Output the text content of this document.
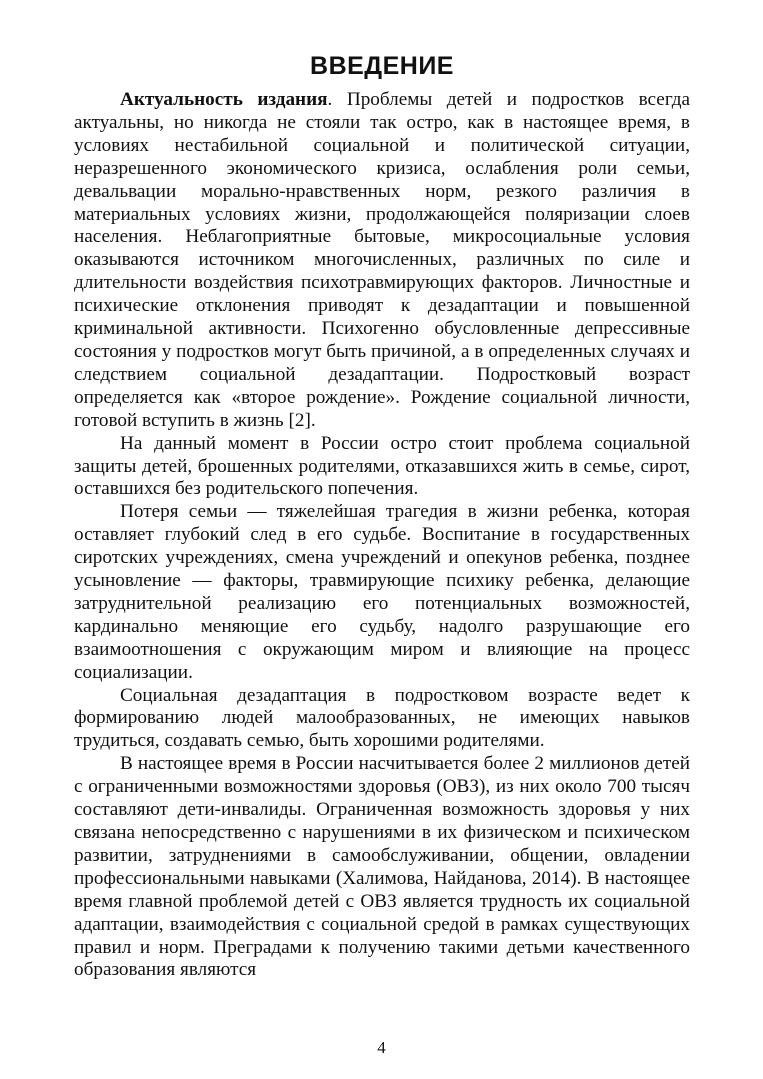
ВВЕДЕНИЕ

Актуальность издания. Проблемы детей и подростков всегда актуальны, но никогда не стояли так остро, как в настоящее время, в условиях нестабильной социальной и политической ситуации, неразрешенного экономического кризиса, ослабления роли семьи, девальвации морально-нравственных норм, резкого различия в материальных условиях жизни, продолжающейся поляризации слоев населения. Неблагоприятные бытовые, микросоциальные условия оказываются источником многочисленных, различных по силе и длительности воздействия психотравмирующих факторов. Личностные и психические отклонения приводят к дезадаптации и повышенной криминальной активности. Психогенно обусловленные депрессивные состояния у подростков могут быть причиной, а в определенных случаях и следствием социальной дезадаптации. Подростковый возраст определяется как «второе рождение». Рождение социальной личности, готовой вступить в жизнь [2].

На данный момент в России остро стоит проблема социальной защиты детей, брошенных родителями, отказавшихся жить в семье, сирот, оставшихся без родительского попечения.

Потеря семьи — тяжелейшая трагедия в жизни ребенка, которая оставляет глубокий след в его судьбе. Воспитание в государственных сиротских учреждениях, смена учреждений и опекунов ребенка, позднее усыновление — факторы, травмирующие психику ребенка, делающие затруднительной реализацию его потенциальных возможностей, кардинально меняющие его судьбу, надолго разрушающие его взаимоотношения с окружающим миром и влияющие на процесс социализации.

Социальная дезадаптация в подростковом возрасте ведет к формированию людей малообразованных, не имеющих навыков трудиться, создавать семью, быть хорошими родителями.

В настоящее время в России насчитывается более 2 миллионов детей с ограниченными возможностями здоровья (ОВЗ), из них около 700 тысяч составляют дети-инвалиды. Ограниченная возможность здоровья у них связана непосредственно с нарушениями в их физическом и психическом развитии, затруднениями в самообслуживании, общении, овладении профессиональными навыками (Халимова, Найданова, 2014). В настоящее время главной проблемой детей с ОВЗ является трудность их социальной адаптации, взаимодействия с социальной средой в рамках существующих правил и норм. Преградами к получению такими детьми качественного образования являются

4
